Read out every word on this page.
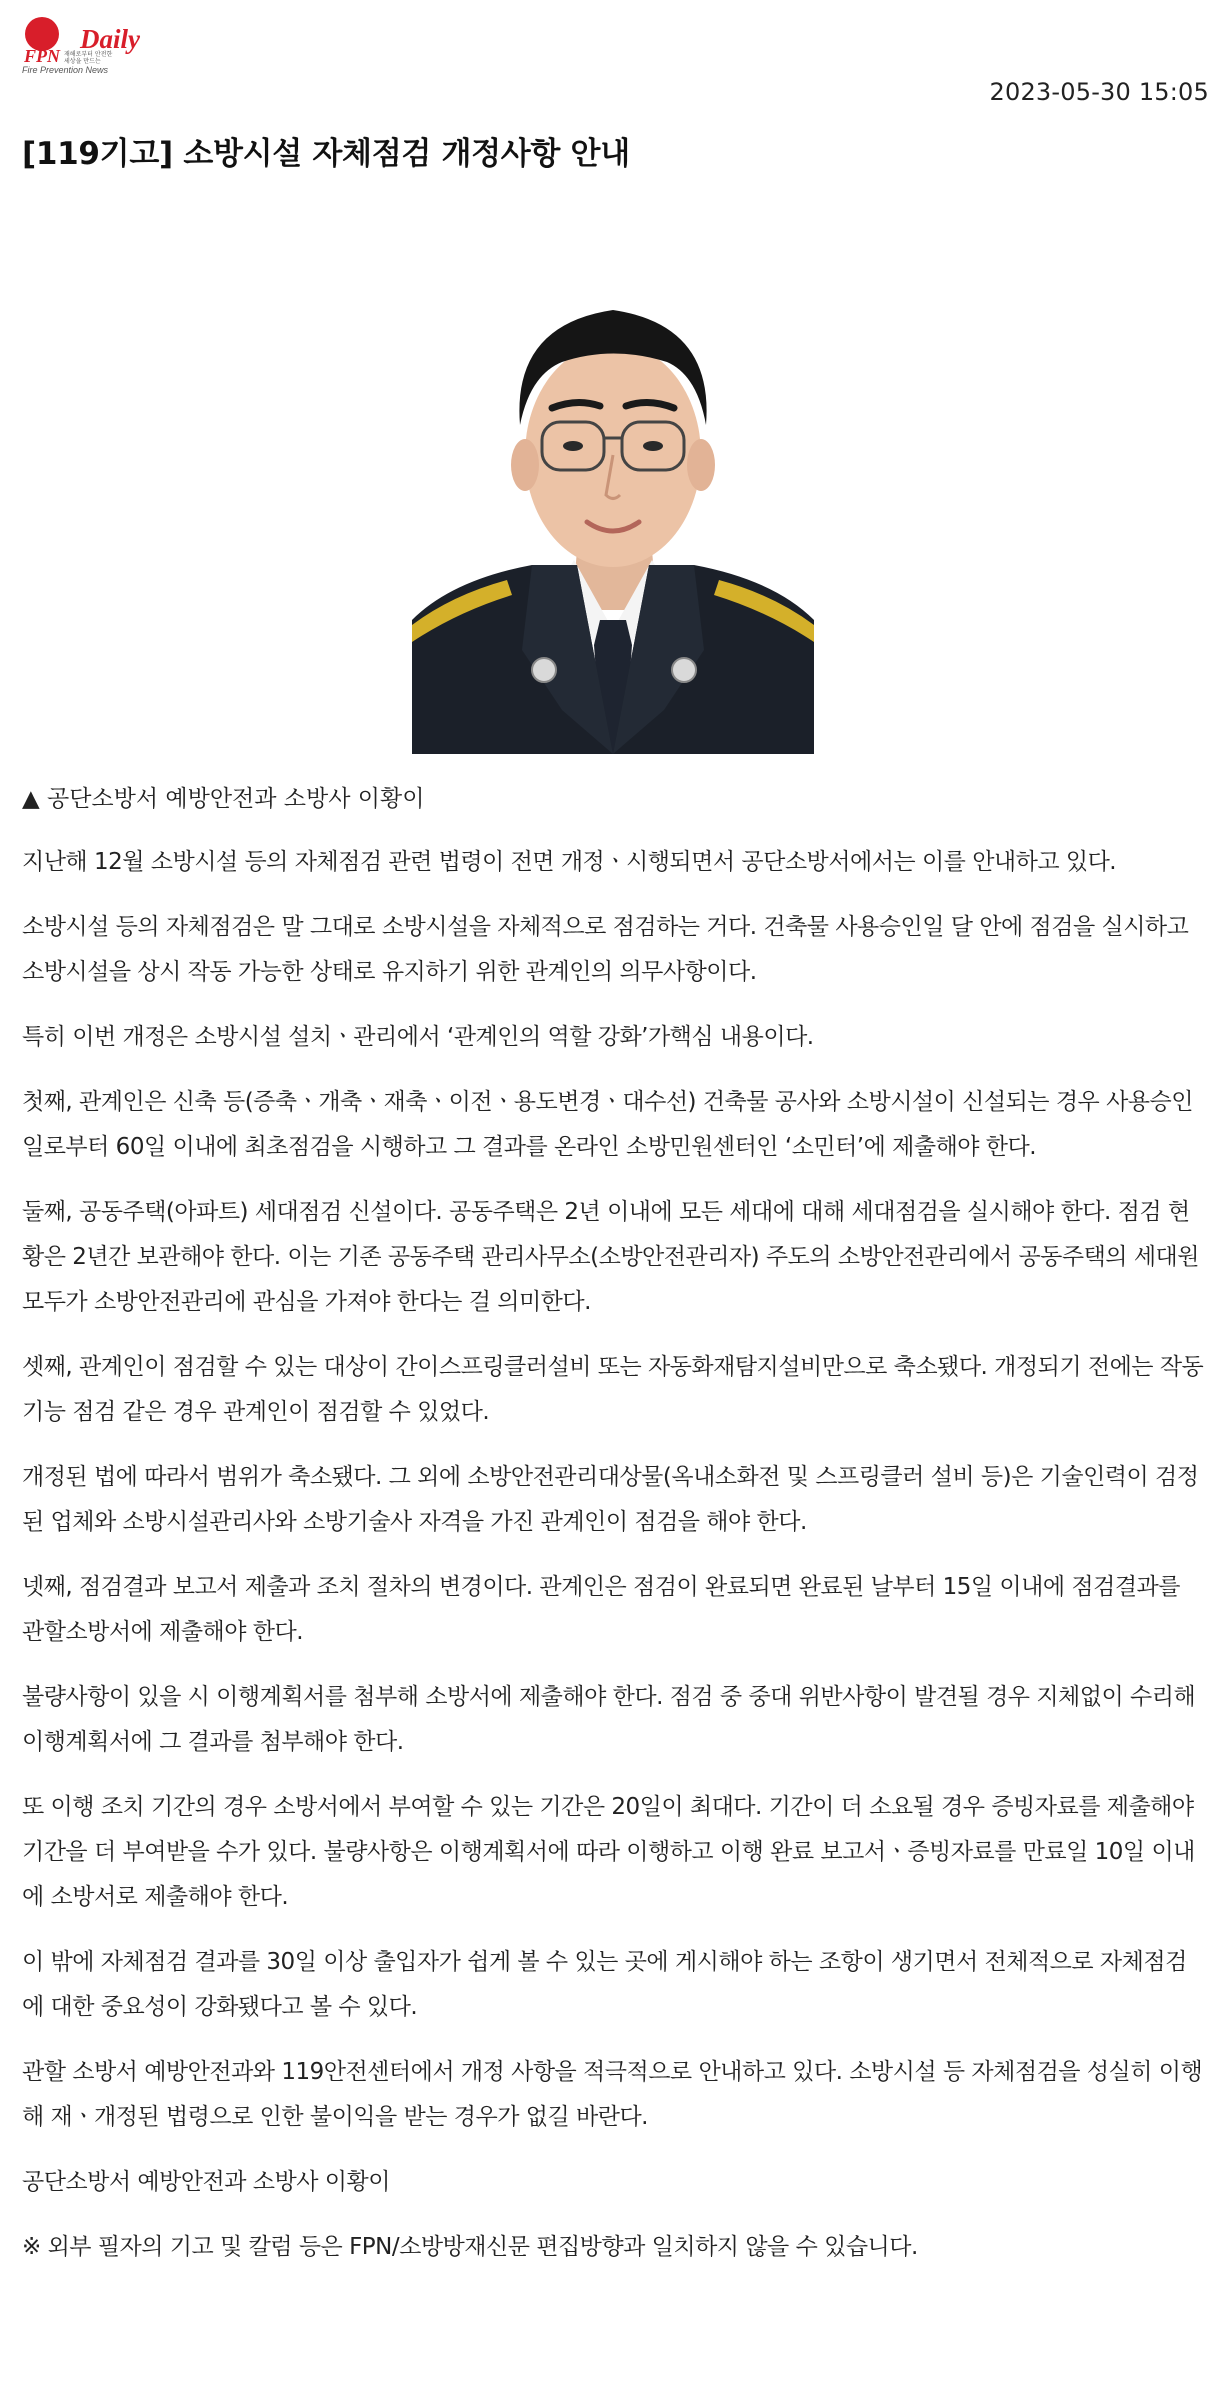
FPN
Daily
재해로부터 안전한
세상을 만드는
Fire Prevention News
2023-05-30 15:05
[119기고] 소방시설 자체점검 개정사항 안내
▲ 공단소방서 예방안전과 소방사 이황이

지난해 12월 소방시설 등의 자체점검 관련 법령이 전면 개정ㆍ시행되면서 공단소방서에서는 이를 안내하고 있다.

소방시설 등의 자체점검은 말 그대로 소방시설을 자체적으로 점검하는 거다. 건축물 사용승인일 달 안에 점검을 실시하고 소방시설을 상시 작동 가능한 상태로 유지하기 위한 관계인의 의무사항이다.

특히 이번 개정은 소방시설 설치ㆍ관리에서 ‘관계인의 역할 강화’가핵심 내용이다.

첫째, 관계인은 신축 등(증축ㆍ개축ㆍ재축ㆍ이전ㆍ용도변경ㆍ대수선) 건축물 공사와 소방시설이 신설되는 경우 사용승인일로부터 60일 이내에 최초점검을 시행하고 그 결과를 온라인 소방민원센터인 ‘소민터’에 제출해야 한다.

둘째, 공동주택(아파트) 세대점검 신설이다. 공동주택은 2년 이내에 모든 세대에 대해 세대점검을 실시해야 한다. 점검 현황은 2년간 보관해야 한다. 이는 기존 공동주택 관리사무소(소방안전관리자) 주도의 소방안전관리에서 공동주택의 세대원 모두가 소방안전관리에 관심을 가져야 한다는 걸 의미한다.

셋째, 관계인이 점검할 수 있는 대상이 간이스프링클러설비 또는 자동화재탐지설비만으로 축소됐다. 개정되기 전에는 작동기능 점검 같은 경우 관계인이 점검할 수 있었다.

개정된 법에 따라서 범위가 축소됐다. 그 외에 소방안전관리대상물(옥내소화전 및 스프링클러 설비 등)은 기술인력이 검정된 업체와 소방시설관리사와 소방기술사 자격을 가진 관계인이 점검을 해야 한다.

넷째, 점검결과 보고서 제출과 조치 절차의 변경이다. 관계인은 점검이 완료되면 완료된 날부터 15일 이내에 점검결과를 관할소방서에 제출해야 한다.

불량사항이 있을 시 이행계획서를 첨부해 소방서에 제출해야 한다. 점검 중 중대 위반사항이 발견될 경우 지체없이 수리해 이행계획서에 그 결과를 첨부해야 한다.

또 이행 조치 기간의 경우 소방서에서 부여할 수 있는 기간은 20일이 최대다. 기간이 더 소요될 경우 증빙자료를 제출해야 기간을 더 부여받을 수가 있다. 불량사항은 이행계획서에 따라 이행하고 이행 완료 보고서ㆍ증빙자료를 만료일 10일 이내에 소방서로 제출해야 한다.

이 밖에 자체점검 결과를 30일 이상 출입자가 쉽게 볼 수 있는 곳에 게시해야 하는 조항이 생기면서 전체적으로 자체점검에 대한 중요성이 강화됐다고 볼 수 있다.

관할 소방서 예방안전과와 119안전센터에서 개정 사항을 적극적으로 안내하고 있다. 소방시설 등 자체점검을 성실히 이행해 재ㆍ개정된 법령으로 인한 불이익을 받는 경우가 없길 바란다.

공단소방서 예방안전과 소방사 이황이

※ 외부 필자의 기고 및 칼럼 등은 FPN/소방방재신문 편집방향과 일치하지 않을 수 있습니다.
